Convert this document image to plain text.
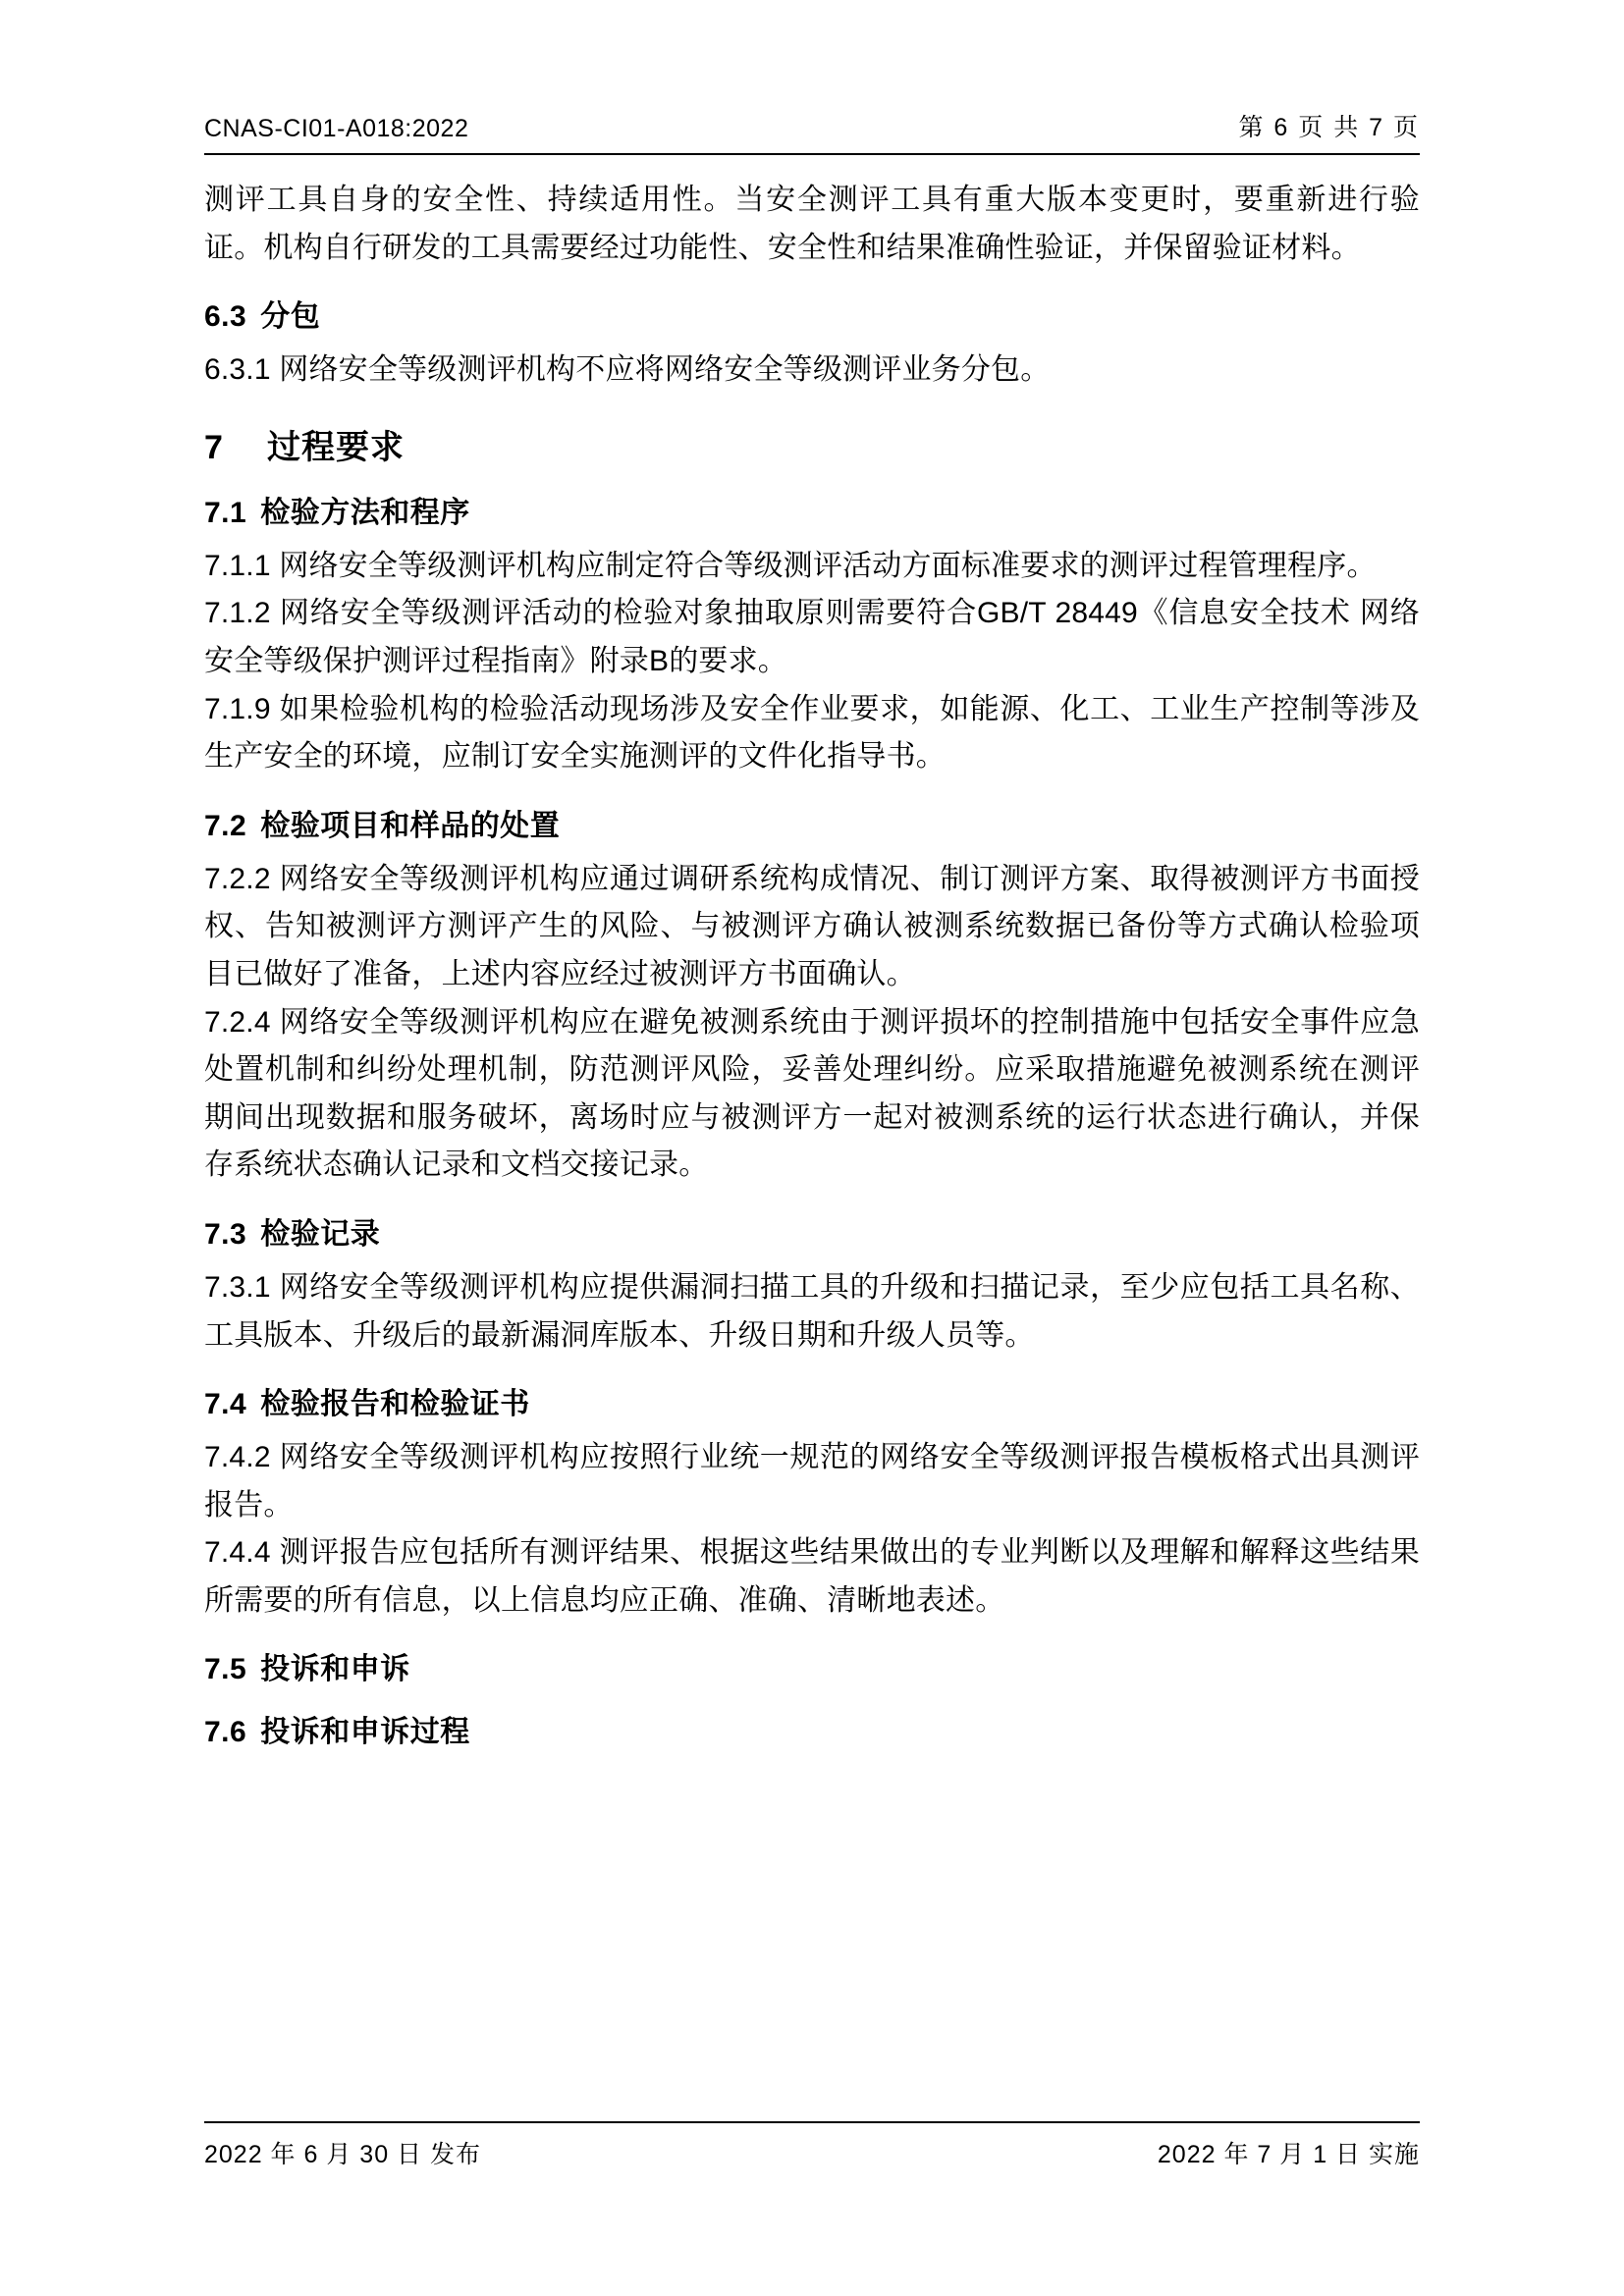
CNAS-CI01-A018:2022	第 6 页 共 7 页

测评工具自身的安全性、持续适用性。当安全测评工具有重大版本变更时，要重新进行验证。机构自行研发的工具需要经过功能性、安全性和结果准确性验证，并保留验证材料。

6.3 分包

6.3.1 网络安全等级测评机构不应将网络安全等级测评业务分包。

7 过程要求
7.1 检验方法和程序

7.1.1 网络安全等级测评机构应制定符合等级测评活动方面标准要求的测评过程管理程序。

7.1.2 网络安全等级测评活动的检验对象抽取原则需要符合GB/T 28449《信息安全技术 网络安全等级保护测评过程指南》附录B的要求。

7.1.9 如果检验机构的检验活动现场涉及安全作业要求，如能源、化工、工业生产控制等涉及生产安全的环境，应制订安全实施测评的文件化指导书。

7.2 检验项目和样品的处置

7.2.2 网络安全等级测评机构应通过调研系统构成情况、制订测评方案、取得被测评方书面授权、告知被测评方测评产生的风险、与被测评方确认被测系统数据已备份等方式确认检验项目已做好了准备，上述内容应经过被测评方书面确认。

7.2.4 网络安全等级测评机构应在避免被测系统由于测评损坏的控制措施中包括安全事件应急处置机制和纠纷处理机制，防范测评风险，妥善处理纠纷。应采取措施避免被测系统在测评期间出现数据和服务破坏，离场时应与被测评方一起对被测系统的运行状态进行确认，并保存系统状态确认记录和文档交接记录。

7.3 检验记录

7.3.1 网络安全等级测评机构应提供漏洞扫描工具的升级和扫描记录，至少应包括工具名称、工具版本、升级后的最新漏洞库版本、升级日期和升级人员等。

7.4 检验报告和检验证书

7.4.2 网络安全等级测评机构应按照行业统一规范的网络安全等级测评报告模板格式出具测评报告。

7.4.4 测评报告应包括所有测评结果、根据这些结果做出的专业判断以及理解和解释这些结果所需要的所有信息，以上信息均应正确、准确、清晰地表述。

7.5 投诉和申诉
7.6 投诉和申诉过程
2022 年 6 月 30 日 发布	2022 年 7 月 1 日 实施
